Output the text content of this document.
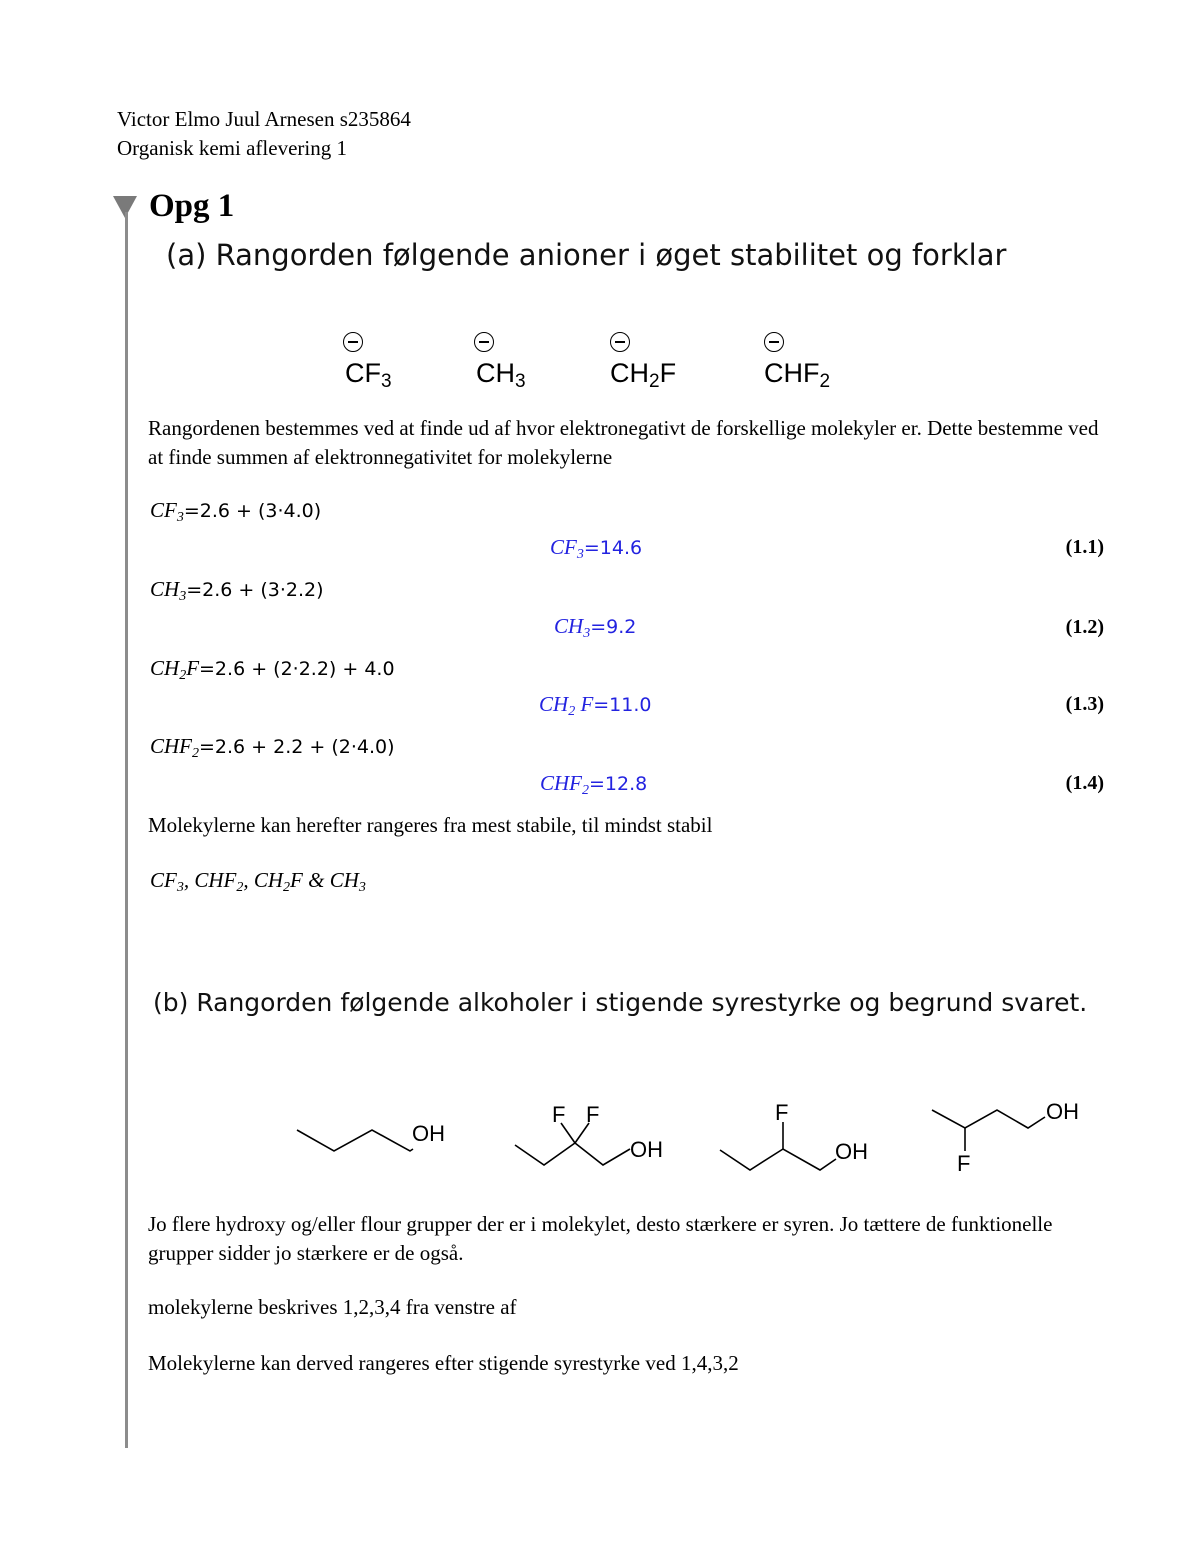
Victor Elmo Juul Arnesen s235864
Organisk kemi aflevering 1
Opg 1
(a) Rangorden følgende anioner i øget stabilitet og forklar
$CF_3$	$CH_3$	$CH_2F$	$CHF_2$
Rangordenen bestemmes ved at finde ud af hvor elektronegativt de forskellige molekyler er. Dette bestemme ved at finde summen af elektronnegativitet for molekylerne
$CF_3=2.6 + (3\cdot 4.0)$
$CF_3=14.6$	(1.1)
$CH_3=2.6 + (3\cdot 2.2)$
$CH_3=9.2$	(1.2)
$CH_2F=2.6 + (2\cdot 2.2) + 4.0$
$CH_2$ F=11.0	(1.3)
$CHF_2=2.6 + 2.2 + (2\cdot 4.0)$
$CHF_2=12.8$	(1.4)
Molekylerne kan herefter rangeres fra mest stabile, til mindst stabil
$CF_3$, $CHF_2$, $CH_2F$ & $CH_3$
(b) Rangorden følgende alkoholer i stigende syrestyrke og begrund svaret.
OH
F F
OH
F
OH	F
OH
Jo flere hydroxy og/eller flour grupper der er i molekylet, desto stærkere er syren. Jo tættere de funktionelle grupper sidder jo stærkere er de også.
molekylerne beskrives 1,2,3,4 fra venstre af
Molekylerne kan derved rangeres efter stigende syrestyrke ved 1,4,3,2
